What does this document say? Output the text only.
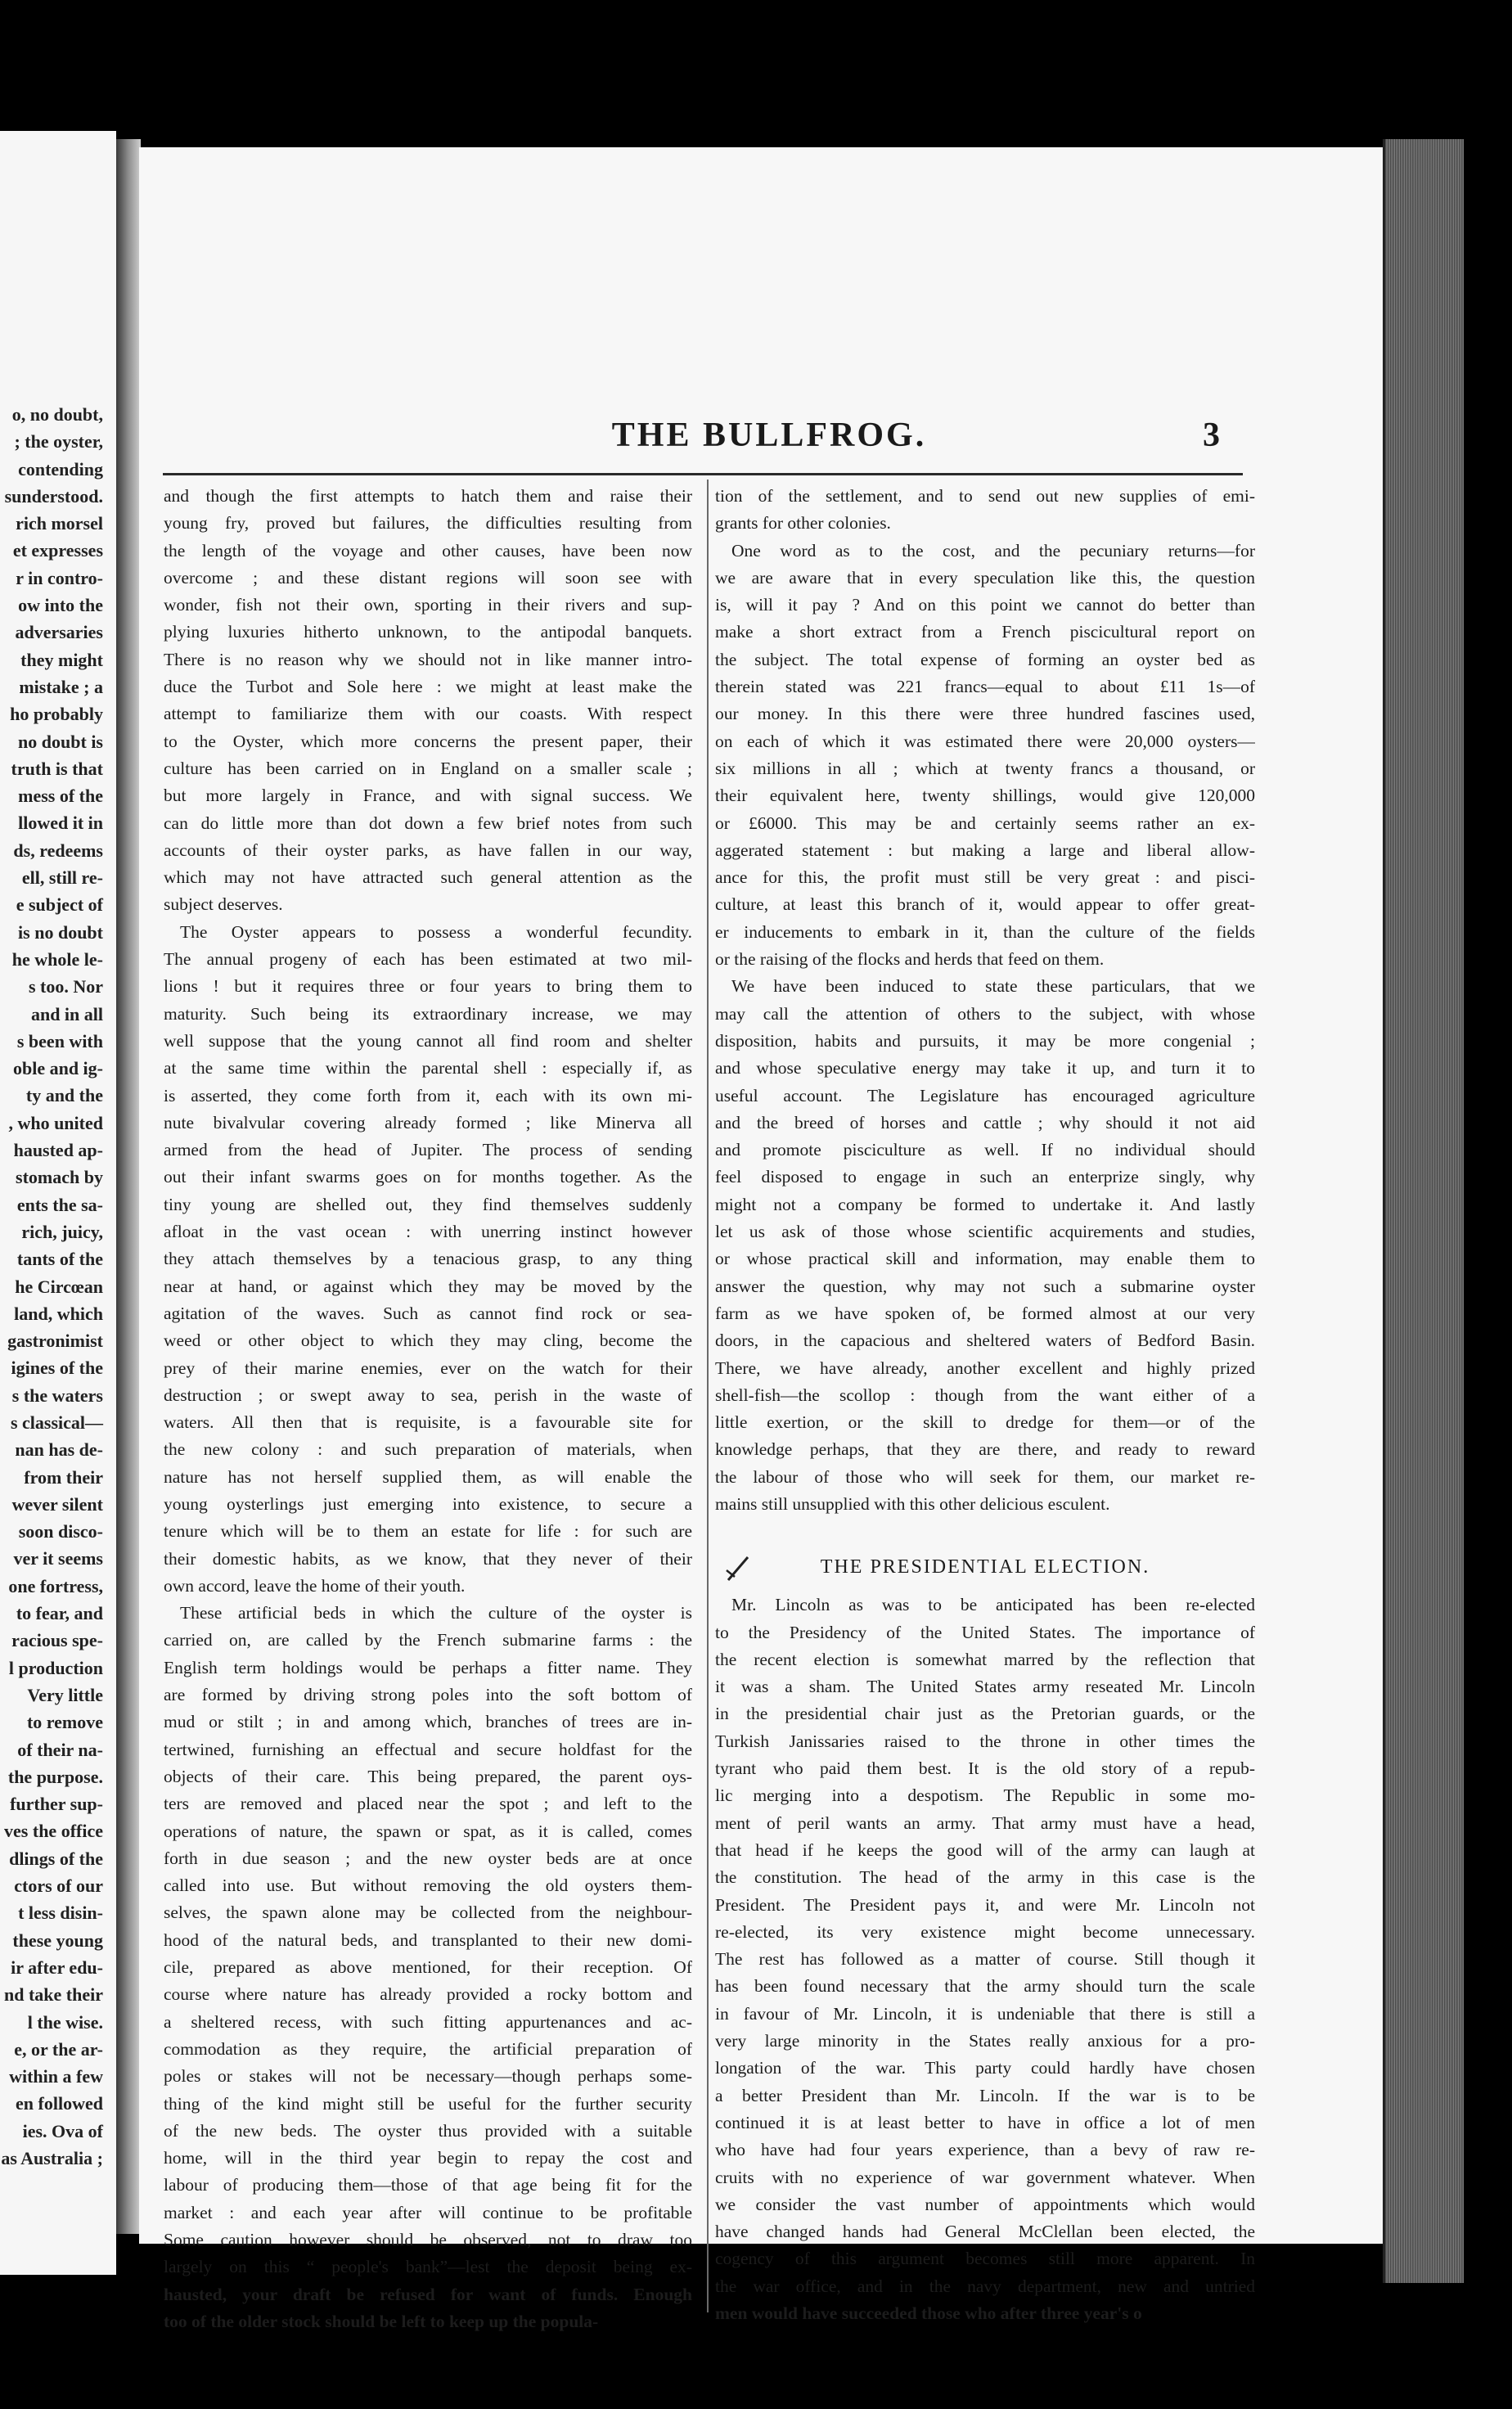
o, no doubt,
; the oyster,
contending
sunderstood.
rich morsel
et expresses
r in contro-
ow into the
adversaries
they might
mistake ; a
ho probably
no doubt is
truth is that
mess of the
llowed it in
ds, redeems
ell, still re-
e subject of
is no doubt
he whole le-
s too. Nor
and in all
s been with
oble and ig-
ty and the
, who united
hausted ap-
stomach by
ents the sa-
rich, juicy,
tants of the
he Circœan
land, which
gastronimist
igines of the
s the waters
s classical—
nan has de-
from their
wever silent
soon disco-
ver it seems
one fortress,
to fear, and
racious spe-
l production
Very little
to remove
of their na-
the purpose.
further sup-
ves the office
dlings of the
ctors of our
t less disin-
these young
ir after edu-
nd take their
l the wise.
e, or the ar-
within a few
en followed
ies. Ova of
as Australia ;
THE BULLFROG.	3
and though the first attempts to hatch them and raise their
young fry, proved but failures, the difficulties resulting from
the length of the voyage and other causes, have been now
overcome ; and these distant regions will soon see with
wonder, fish not their own, sporting in their rivers and sup-
plying luxuries hitherto unknown, to the antipodal banquets.
There is no reason why we should not in like manner intro-
duce the Turbot and Sole here : we might at least make the
attempt to familiarize them with our coasts. With respect
to the Oyster, which more concerns the present paper, their
culture has been carried on in England on a smaller scale ;
but more largely in France, and with signal success. We
can do little more than dot down a few brief notes from such
accounts of their oyster parks, as have fallen in our way,
which may not have attracted such general attention as the
subject deserves.
The Oyster appears to possess a wonderful fecundity.
The annual progeny of each has been estimated at two mil-
lions ! but it requires three or four years to bring them to
maturity. Such being its extraordinary increase, we may
well suppose that the young cannot all find room and shelter
at the same time within the parental shell : especially if, as
is asserted, they come forth from it, each with its own mi-
nute bivalvular covering already formed ; like Minerva all
armed from the head of Jupiter. The process of sending
out their infant swarms goes on for months together. As the
tiny young are shelled out, they find themselves suddenly
afloat in the vast ocean : with unerring instinct however
they attach themselves by a tenacious grasp, to any thing
near at hand, or against which they may be moved by the
agitation of the waves. Such as cannot find rock or sea-
weed or other object to which they may cling, become the
prey of their marine enemies, ever on the watch for their
destruction ; or swept away to sea, perish in the waste of
waters. All then that is requisite, is a favourable site for
the new colony : and such preparation of materials, when
nature has not herself supplied them, as will enable the
young oysterlings just emerging into existence, to secure a
tenure which will be to them an estate for life : for such are
their domestic habits, as we know, that they never of their
own accord, leave the home of their youth.
These artificial beds in which the culture of the oyster is
carried on, are called by the French submarine farms : the
English term holdings would be perhaps a fitter name. They
are formed by driving strong poles into the soft bottom of
mud or stilt ; in and among which, branches of trees are in-
tertwined, furnishing an effectual and secure holdfast for the
objects of their care. This being prepared, the parent oys-
ters are removed and placed near the spot ; and left to the
operations of nature, the spawn or spat, as it is called, comes
forth in due season ; and the new oyster beds are at once
called into use. But without removing the old oysters them-
selves, the spawn alone may be collected from the neighbour-
hood of the natural beds, and transplanted to their new domi-
cile, prepared as above mentioned, for their reception. Of
course where nature has already provided a rocky bottom and
a sheltered recess, with such fitting appurtenances and ac-
commodation as they require, the artificial preparation of
poles or stakes will not be necessary—though perhaps some-
thing of the kind might still be useful for the further security
of the new beds. The oyster thus provided with a suitable
home, will in the third year begin to repay the cost and
labour of producing them—those of that age being fit for the
market : and each year after will continue to be profitable
Some caution however should be observed, not to draw too
largely on this “ people's bank”—lest the deposit being ex-
hausted, your draft be refused for want of funds. Enough
too of the older stock should be left to keep up the popula-
tion of the settlement, and to send out new supplies of emi-
grants for other colonies.
One word as to the cost, and the pecuniary returns—for
we are aware that in every speculation like this, the question
is, will it pay ? And on this point we cannot do better than
make a short extract from a French piscicultural report on
the subject. The total expense of forming an oyster bed as
therein stated was 221 francs—equal to about £11 1s—of
our money. In this there were three hundred fascines used,
on each of which it was estimated there were 20,000 oysters—
six millions in all ; which at twenty francs a thousand, or
their equivalent here, twenty shillings, would give 120,000
or £6000. This may be and certainly seems rather an ex-
aggerated statement : but making a large and liberal allow-
ance for this, the profit must still be very great : and pisci-
culture, at least this branch of it, would appear to offer great-
er inducements to embark in it, than the culture of the fields
or the raising of the flocks and herds that feed on them.
We have been induced to state these particulars, that we
may call the attention of others to the subject, with whose
disposition, habits and pursuits, it may be more congenial ;
and whose speculative energy may take it up, and turn it to
useful account. The Legislature has encouraged agriculture
and the breed of horses and cattle ; why should it not aid
and promote pisciculture as well. If no individual should
feel disposed to engage in such an enterprize singly, why
might not a company be formed to undertake it. And lastly
let us ask of those whose scientific acquirements and studies,
or whose practical skill and information, may enable them to
answer the question, why may not such a submarine oyster
farm as we have spoken of, be formed almost at our very
doors, in the capacious and sheltered waters of Bedford Basin.
There, we have already, another excellent and highly prized
shell-fish—the scollop : though from the want either of a
little exertion, or the skill to dredge for them—or of the
knowledge perhaps, that they are there, and ready to reward
the labour of those who will seek for them, our market re-
mains still unsupplied with this other delicious esculent.
THE PRESIDENTIAL ELECTION.
Mr. Lincoln as was to be anticipated has been re-elected
to the Presidency of the United States. The importance of
the recent election is somewhat marred by the reflection that
it was a sham. The United States army reseated Mr. Lincoln
in the presidential chair just as the Pretorian guards, or the
Turkish Janissaries raised to the throne in other times the
tyrant who paid them best. It is the old story of a repub-
lic merging into a despotism. The Republic in some mo-
ment of peril wants an army. That army must have a head,
that head if he keeps the good will of the army can laugh at
the constitution. The head of the army in this case is the
President. The President pays it, and were Mr. Lincoln not
re-elected, its very existence might become unnecessary.
The rest has followed as a matter of course. Still though it
has been found necessary that the army should turn the scale
in favour of Mr. Lincoln, it is undeniable that there is still a
very large minority in the States really anxious for a pro-
longation of the war. This party could hardly have chosen
a better President than Mr. Lincoln. If the war is to be
continued it is at least better to have in office a lot of men
who have had four years experience, than a bevy of raw re-
cruits with no experience of war government whatever. When
we consider the vast number of appointments which would
have changed hands had General McClellan been elected, the
cogency of this argument becomes still more apparent. In
the war office, and in the navy department, new and untried
men would have succeeded those who after three year's o
